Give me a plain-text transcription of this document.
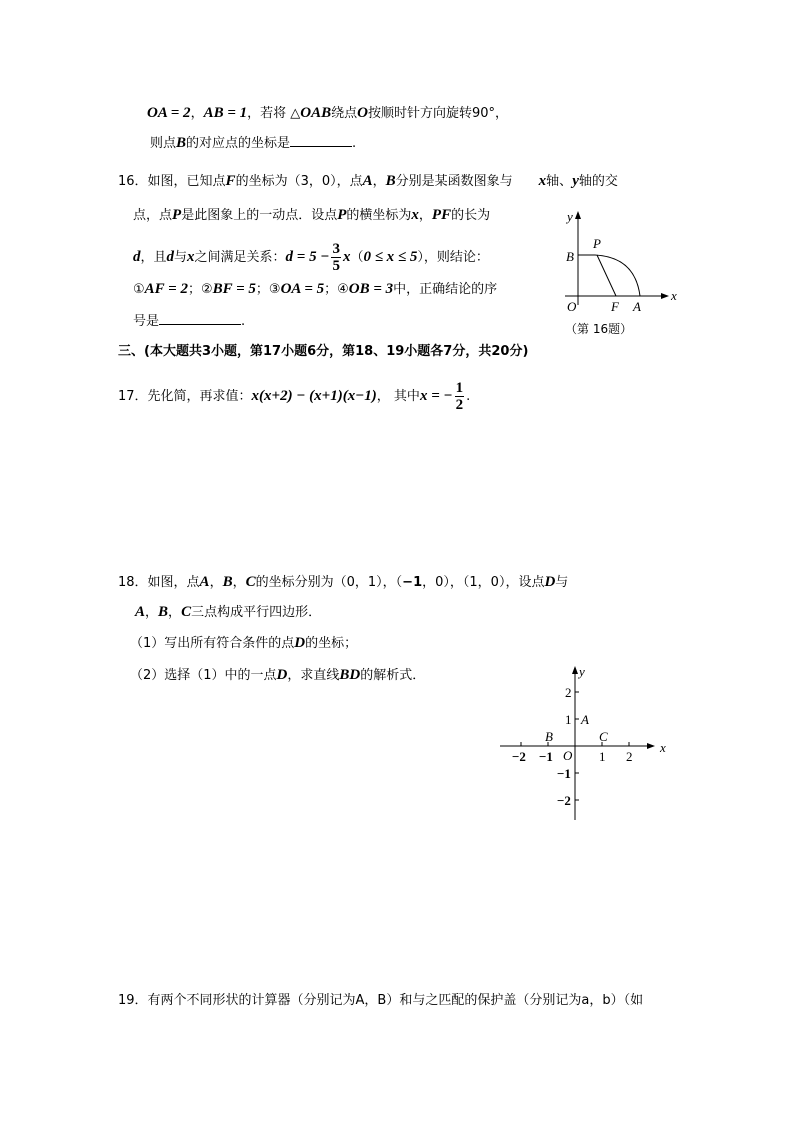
OA = 2，AB = 1，若将 △OAB绕点O按顺时针方向旋转90°，
则点B的对应点的坐标是	.
16．如图，已知点F的坐标为（3，0），点A，B分别是某函数图象与　　x轴、y轴的交
点，点P是此图象上的一动点．设点P的横坐标为x，PF的长为
d，且d与x之间满足关系：$d = 5 - \frac{3}{5} x(0 \le x \le 5)$，则结论：
①AF = 2；②BF = 5；③OA = 5；④OB = 3中，正确结论的序
号是	.
三、(本大题共3小题，第17小题6分，第18、19小题各7分，共20分)
17．先化简，再求值：x(x+2) − (x+1)(x−1)， 其中x = − $\frac{1}{2}$ .
18．如图，点A，B，C的坐标分别为（0，1），（−1，0），（1，0），设点D与
A，B，C三点构成平行四边形．
（1）写出所有符合条件的点D的坐标；
（2）选择（1）中的一点D，求直线BD的解析式．
19．有两个不同形状的计算器（分别记为A，B）和与之匹配的保护盖（分别记为a，b）（如
y
x
B
P
O	F A
（第 16题）
−2 −1	1 2
2
1
−1
−2
y
x
O
A
B	C
